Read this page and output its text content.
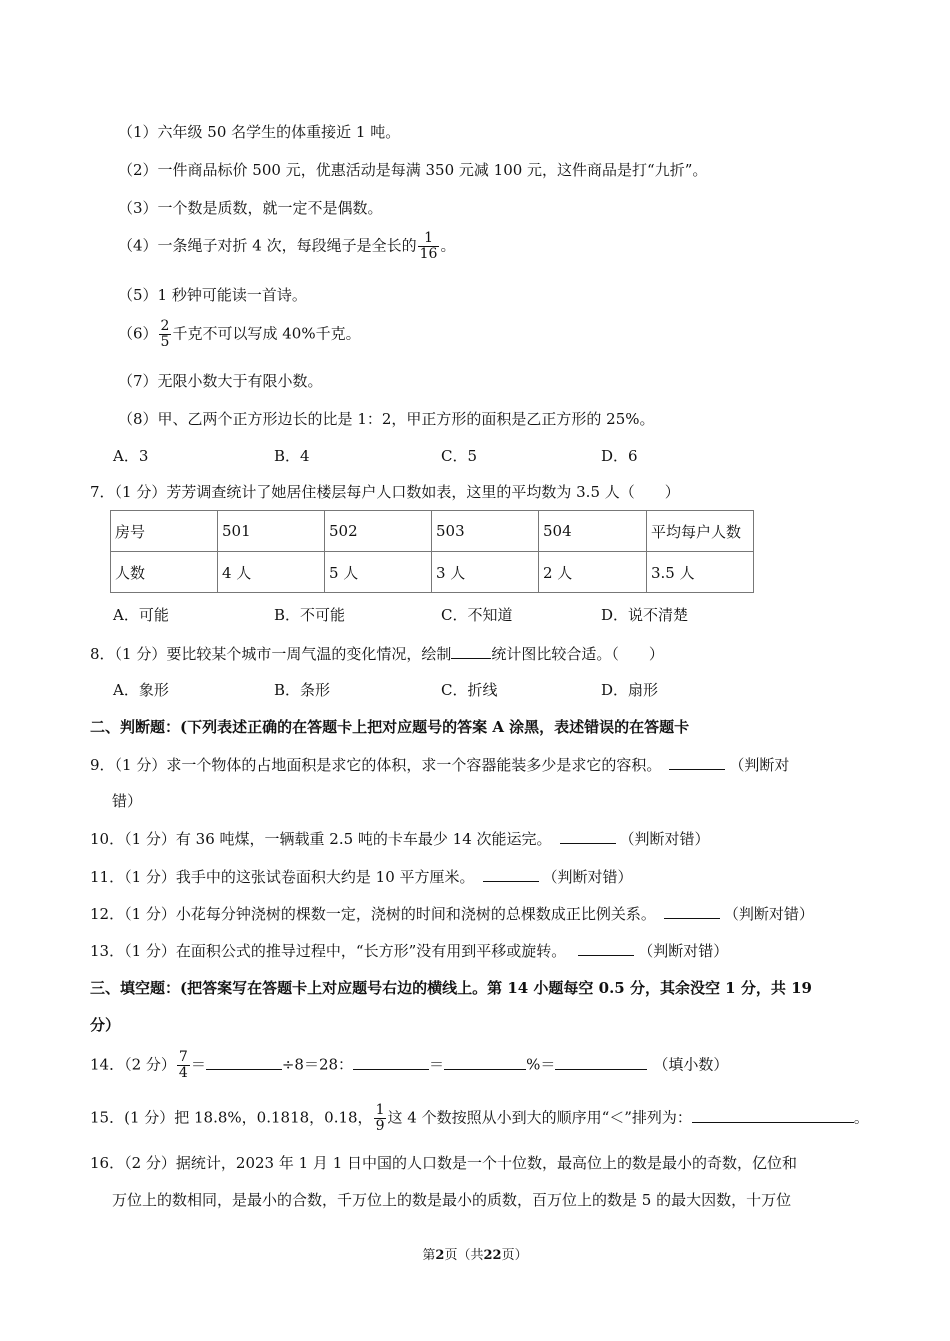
（1）六年级 50 名学生的体重接近 1 吨。
（2）一件商品标价 500 元，优惠活动是每满 350 元减 100 元，这件商品是打“九折”。
（3）一个数是质数，就一定不是偶数。
（4）一条绳子对折 4 次，每段绳子是全长的 $\frac{1}{16}$ 。
（5）1 秒钟可能读一首诗。
$(6) \frac{2}{5}$ 千克不可以写成 40%千克。
（7）无限小数大于有限小数。
（8）甲、乙两个正方形边长的比是 1：2，甲正方形的面积是乙正方形的 25%。
A．3	B．4	C．5	D．6
7．（1 分）芳芳调查统计了她居住楼层每户人口数如表，这里的平均数为 3.5 人（　　）
房号	501	502	503	504	平均每户人数
人数	4 人	5 人	3 人	2 人	3.5 人
A．可能	B．不可能	C．不知道	D．说不清楚
8．（1 分）要比较某个城市一周气温的变化情况，绘制	统计图比较合适。（　　）
A．象形	B．条形	C．折线	D．扇形
二、判断题：(下列表述正确的在答题卡上把对应题号的答案 A 涂黑，表述错误的在答题卡
9．（1 分）求一个物体的占地面积是求它的体积，求一个容器能装多少是求它的容积。	（判断对
错）
10．（1 分）有 36 吨煤，一辆载重 2.5 吨的卡车最少 14 次能运完。	（判断对错）
11．（1 分）我手中的这张试卷面积大约是 10 平方厘米。	（判断对错）
12．（1 分）小花每分钟浇树的棵数一定，浇树的时间和浇树的总棵数成正比例关系。	（判断对错）
13．（1 分）在面积公式的推导过程中，“长方形”没有用到平移或旋转。	（判断对错）
三、填空题：(把答案写在答题卡上对应题号右边的横线上。第 14 小题每空 0.5 分，其余没空 1 分，共 19
分）
14．（2 分） $\frac{7}{4}$ ＝	÷8＝28：	＝	%＝	（填小数）
15．(1 分）把 18.8%，0.1818，0.18， $\frac{1}{9}$ 这 4 个数按照从小到大的顺序用“＜”排列为：	。
16．（2 分）据统计，2023 年 1 月 1 日中国的人口数是一个十位数，最高位上的数是最小的奇数，亿位和
万位上的数相同，是最小的合数，千万位上的数是最小的质数，百万位上的数是 5 的最大因数，十万位
第2页（共22页）
